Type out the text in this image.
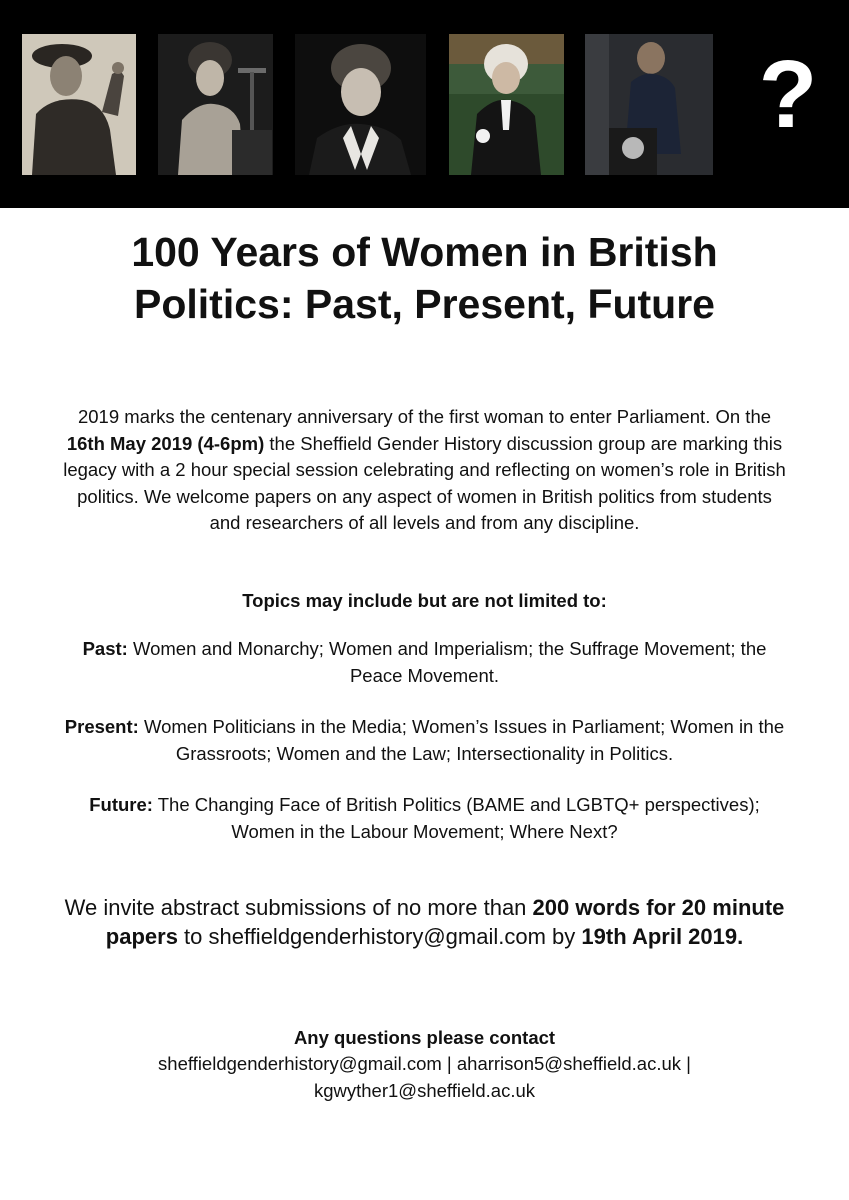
?
100 Years of Women in British
Politics: Past, Present, Future

2019 marks the centenary anniversary of the first woman to enter Parliament. On the 16th May 2019 (4-6pm) the Sheffield Gender History discussion group are marking this legacy with a 2 hour special session celebrating and reflecting on women’s role in British politics. We welcome papers on any aspect of women in British politics from students and researchers of all levels and from any discipline.

Topics may include but are not limited to:

Past: Women and Monarchy; Women and Imperialism; the Suffrage Movement; the Peace Movement.

Present: Women Politicians in the Media; Women’s Issues in Parliament; Women in the Grassroots; Women and the Law; Intersectionality in Politics.

Future: The Changing Face of British Politics (BAME and LGBTQ+ perspectives); Women in the Labour Movement; Where Next?

We invite abstract submissions of no more than 200 words for 20 minute papers to sheffieldgenderhistory@gmail.com by 19th April 2019.

Any questions please contact

sheffieldgenderhistory@gmail.com | aharrison5@sheffield.ac.uk |
kgwyther1@sheffield.ac.uk
